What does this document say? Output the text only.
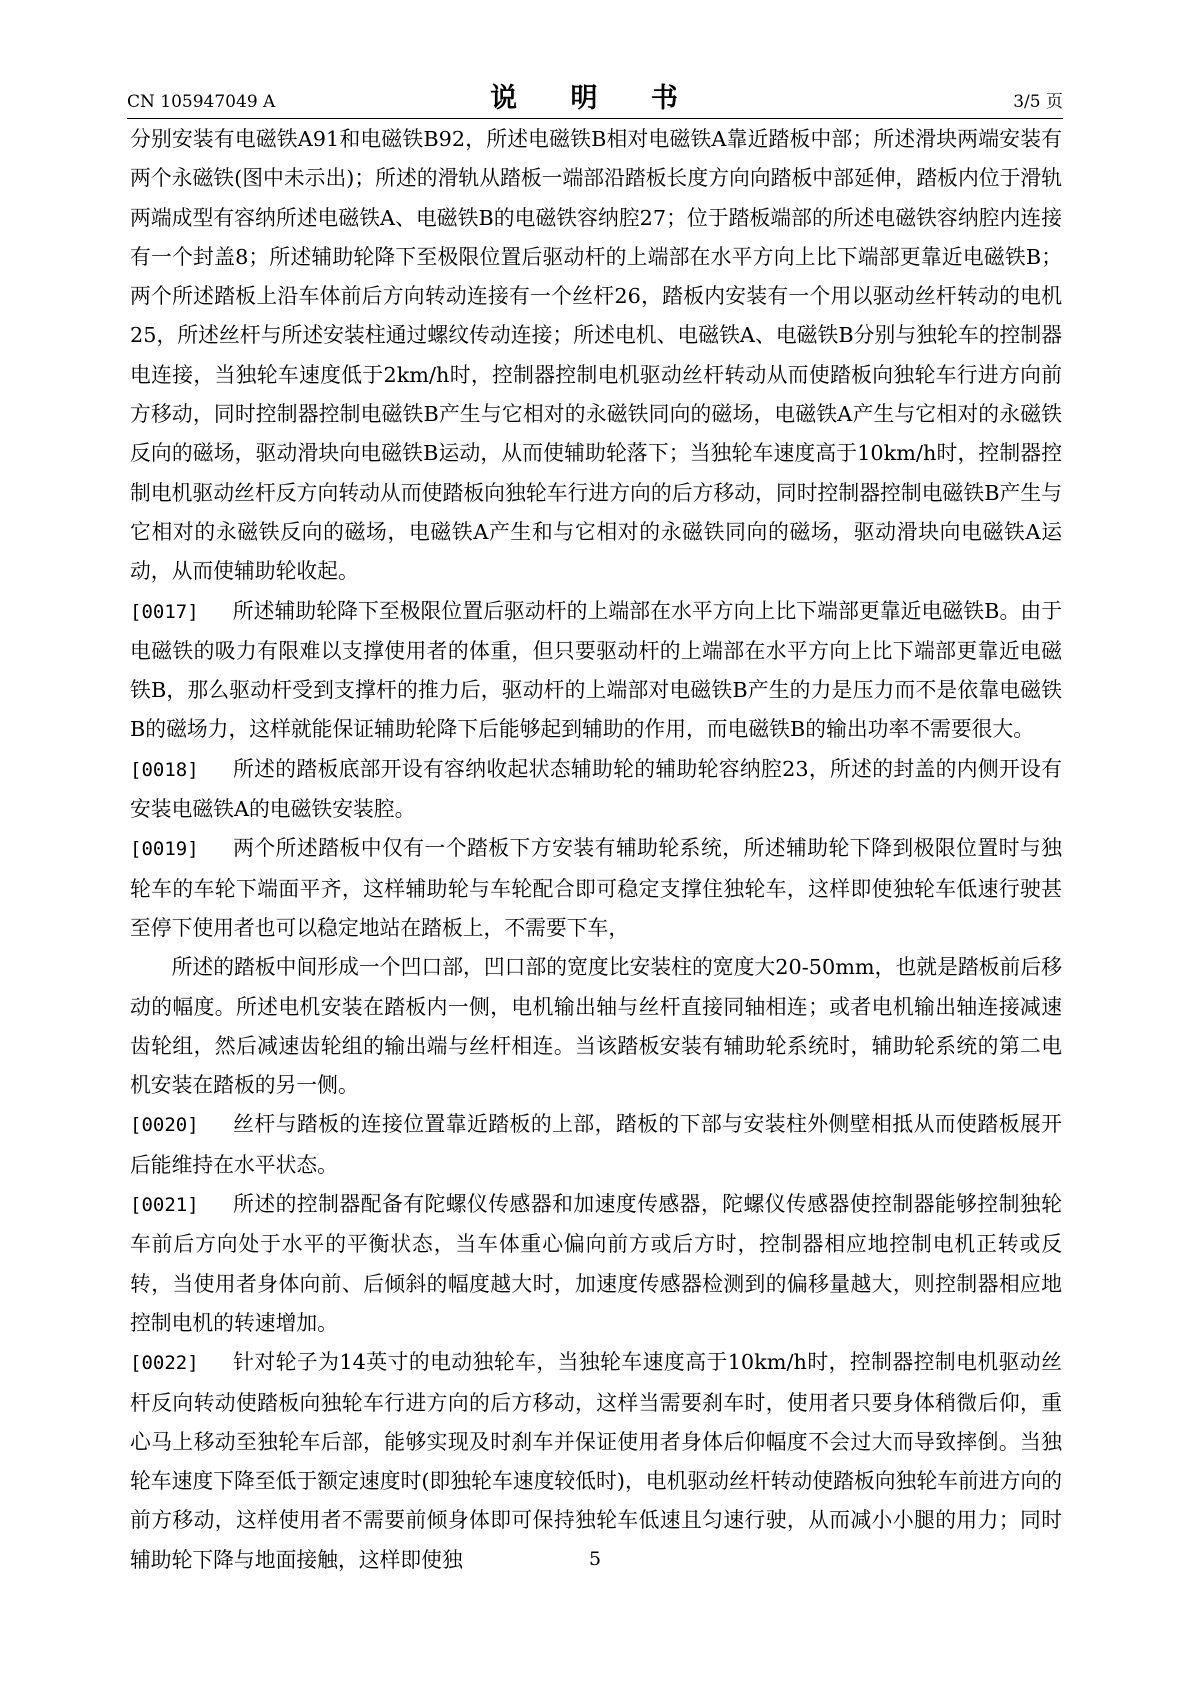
CN 105947049 A	说 明 书	3/5 页

分别安装有电磁铁A91和电磁铁B92，所述电磁铁B相对电磁铁A靠近踏板中部；所述滑块两端安装有两个永磁铁(图中未示出)；所述的滑轨从踏板一端部沿踏板长度方向向踏板中部延伸，踏板内位于滑轨两端成型有容纳所述电磁铁A、电磁铁B的电磁铁容纳腔27；位于踏板端部的所述电磁铁容纳腔内连接有一个封盖8；所述辅助轮降下至极限位置后驱动杆的上端部在水平方向上比下端部更靠近电磁铁B；两个所述踏板上沿车体前后方向转动连接有一个丝杆26，踏板内安装有一个用以驱动丝杆转动的电机25，所述丝杆与所述安装柱通过螺纹传动连接；所述电机、电磁铁A、电磁铁B分别与独轮车的控制器电连接，当独轮车速度低于2km/h时，控制器控制电机驱动丝杆转动从而使踏板向独轮车行进方向前方移动，同时控制器控制电磁铁B产生与它相对的永磁铁同向的磁场，电磁铁A产生与它相对的永磁铁反向的磁场，驱动滑块向电磁铁B运动，从而使辅助轮落下；当独轮车速度高于10km/h时，控制器控制电机驱动丝杆反方向转动从而使踏板向独轮车行进方向的后方移动，同时控制器控制电磁铁B产生与它相对的永磁铁反向的磁场，电磁铁A产生和与它相对的永磁铁同向的磁场，驱动滑块向电磁铁A运动，从而使辅助轮收起。

[0017] 所述辅助轮降下至极限位置后驱动杆的上端部在水平方向上比下端部更靠近电磁铁B。由于电磁铁的吸力有限难以支撑使用者的体重，但只要驱动杆的上端部在水平方向上比下端部更靠近电磁铁B，那么驱动杆受到支撑杆的推力后，驱动杆的上端部对电磁铁B产生的力是压力而不是依靠电磁铁B的磁场力，这样就能保证辅助轮降下后能够起到辅助的作用，而电磁铁B的输出功率不需要很大。

[0018] 所述的踏板底部开设有容纳收起状态辅助轮的辅助轮容纳腔23，所述的封盖的内侧开设有安装电磁铁A的电磁铁安装腔。

[0019] 两个所述踏板中仅有一个踏板下方安装有辅助轮系统，所述辅助轮下降到极限位置时与独轮车的车轮下端面平齐，这样辅助轮与车轮配合即可稳定支撑住独轮车，这样即使独轮车低速行驶甚至停下使用者也可以稳定地站在踏板上，不需要下车，

所述的踏板中间形成一个凹口部，凹口部的宽度比安装柱的宽度大20-50mm，也就是踏板前后移动的幅度。所述电机安装在踏板内一侧，电机输出轴与丝杆直接同轴相连；或者电机输出轴连接减速齿轮组，然后减速齿轮组的输出端与丝杆相连。当该踏板安装有辅助轮系统时，辅助轮系统的第二电机安装在踏板的另一侧。

[0020] 丝杆与踏板的连接位置靠近踏板的上部，踏板的下部与安装柱外侧壁相抵从而使踏板展开后能维持在水平状态。

[0021] 所述的控制器配备有陀螺仪传感器和加速度传感器，陀螺仪传感器使控制器能够控制独轮车前后方向处于水平的平衡状态，当车体重心偏向前方或后方时，控制器相应地控制电机正转或反转，当使用者身体向前、后倾斜的幅度越大时，加速度传感器检测到的偏移量越大，则控制器相应地控制电机的转速增加。

[0022] 针对轮子为14英寸的电动独轮车，当独轮车速度高于10km/h时，控制器控制电机驱动丝杆反向转动使踏板向独轮车行进方向的后方移动，这样当需要刹车时，使用者只要身体稍微后仰，重心马上移动至独轮车后部，能够实现及时刹车并保证使用者身体后仰幅度不会过大而导致摔倒。当独轮车速度下降至低于额定速度时(即独轮车速度较低时)，电机驱动丝杆转动使踏板向独轮车前进方向的前方移动，这样使用者不需要前倾身体即可保持独轮车低速且匀速行驶，从而减小小腿的用力；同时辅助轮下降与地面接触，这样即使独	5
